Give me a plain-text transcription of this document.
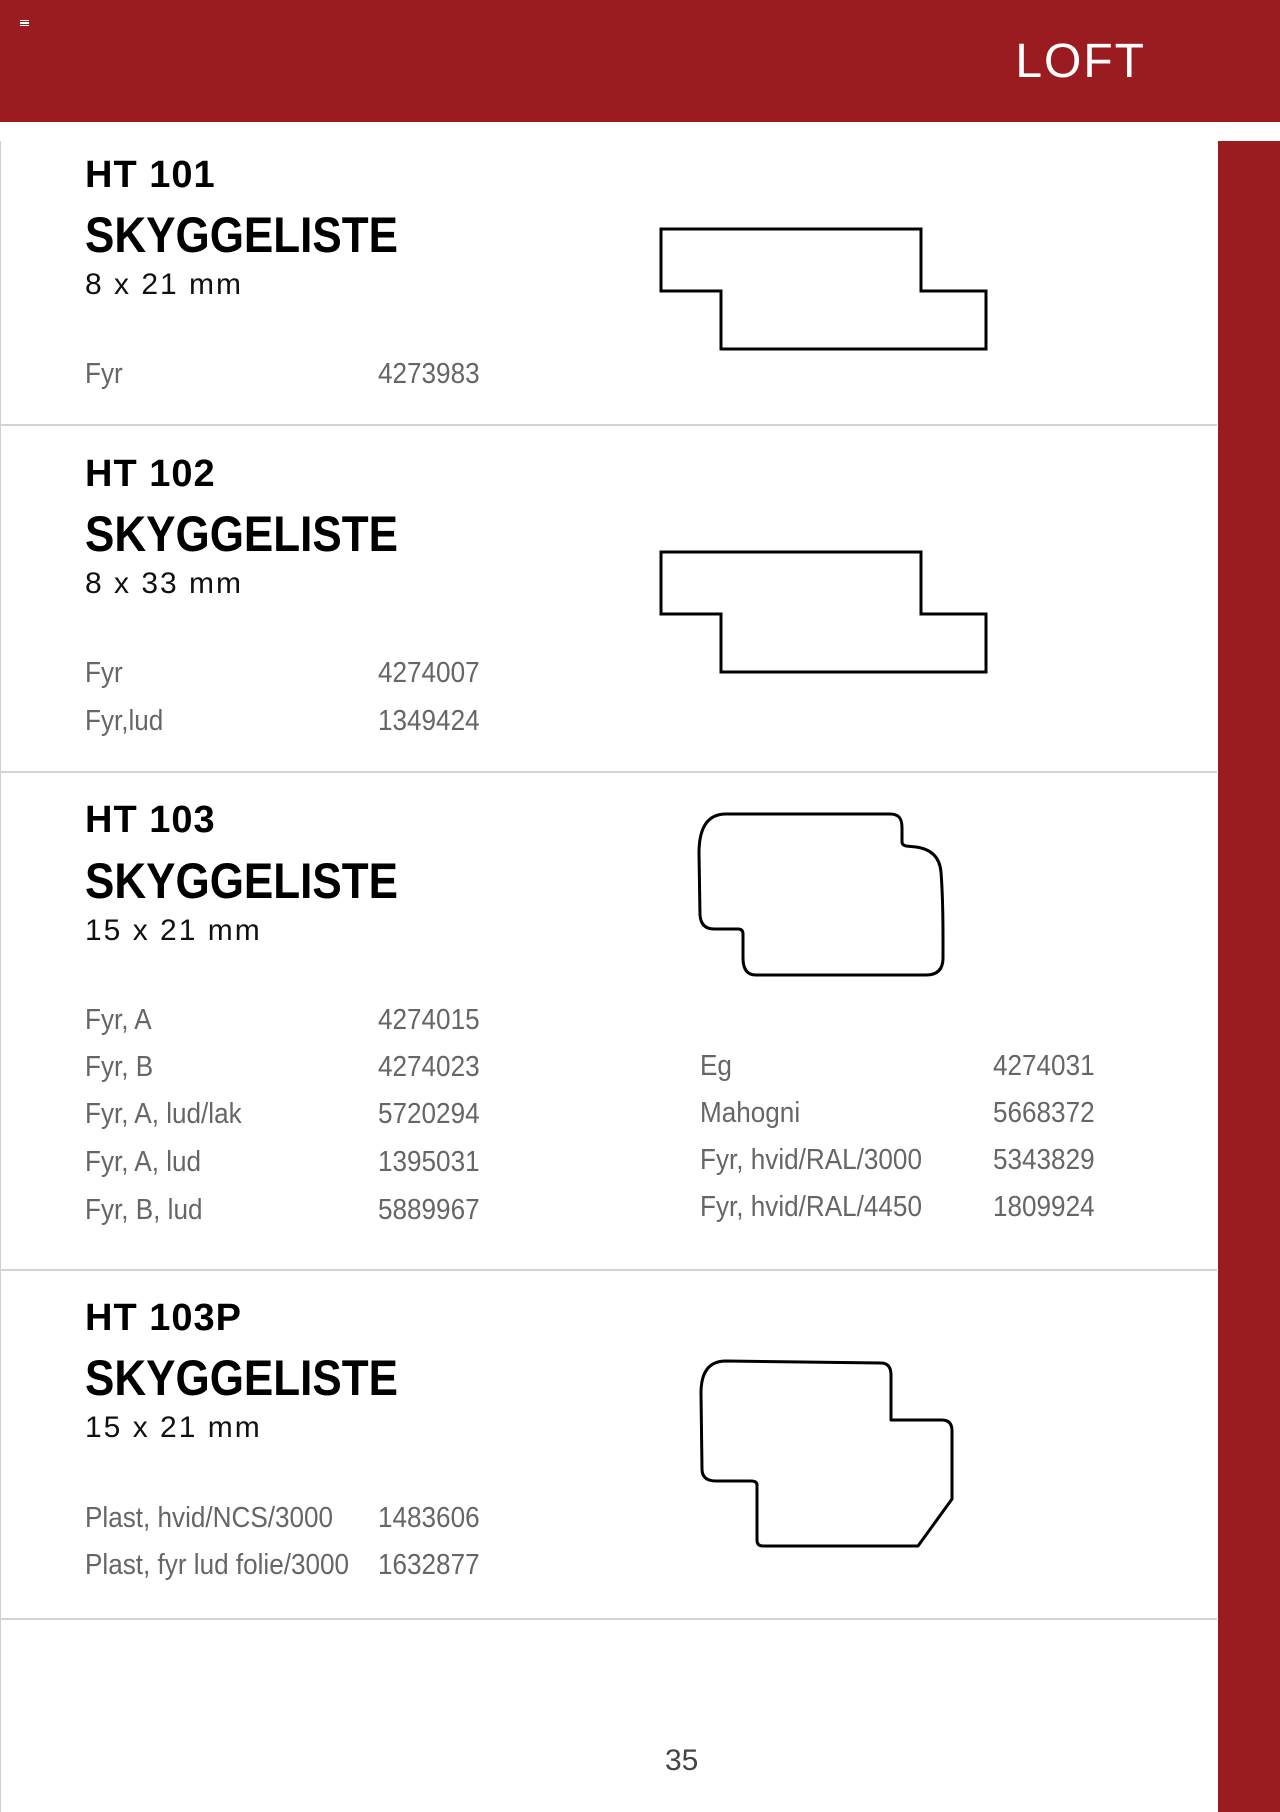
LOFT
HT 101
SKYGGELISTE
8 x 21 mm
Fyr	4273983
HT 102
SKYGGELISTE
8 x 33 mm
Fyr	4274007
Fyr,lud	1349424
HT 103
SKYGGELISTE
15 x 21 mm
Fyr, A	4274015
Fyr, B	4274023
Fyr, A, lud/lak	5720294
Fyr, A, lud	1395031
Fyr, B, lud	5889967
Eg	4274031
Mahogni	5668372
Fyr, hvid/RAL/3000 5343829
Fyr, hvid/RAL/4450 1809924
HT 103P
SKYGGELISTE
15 x 21 mm
Plast, hvid/NCS/3000 1483606
Plast, fyr lud folie/3000 1632877
35
